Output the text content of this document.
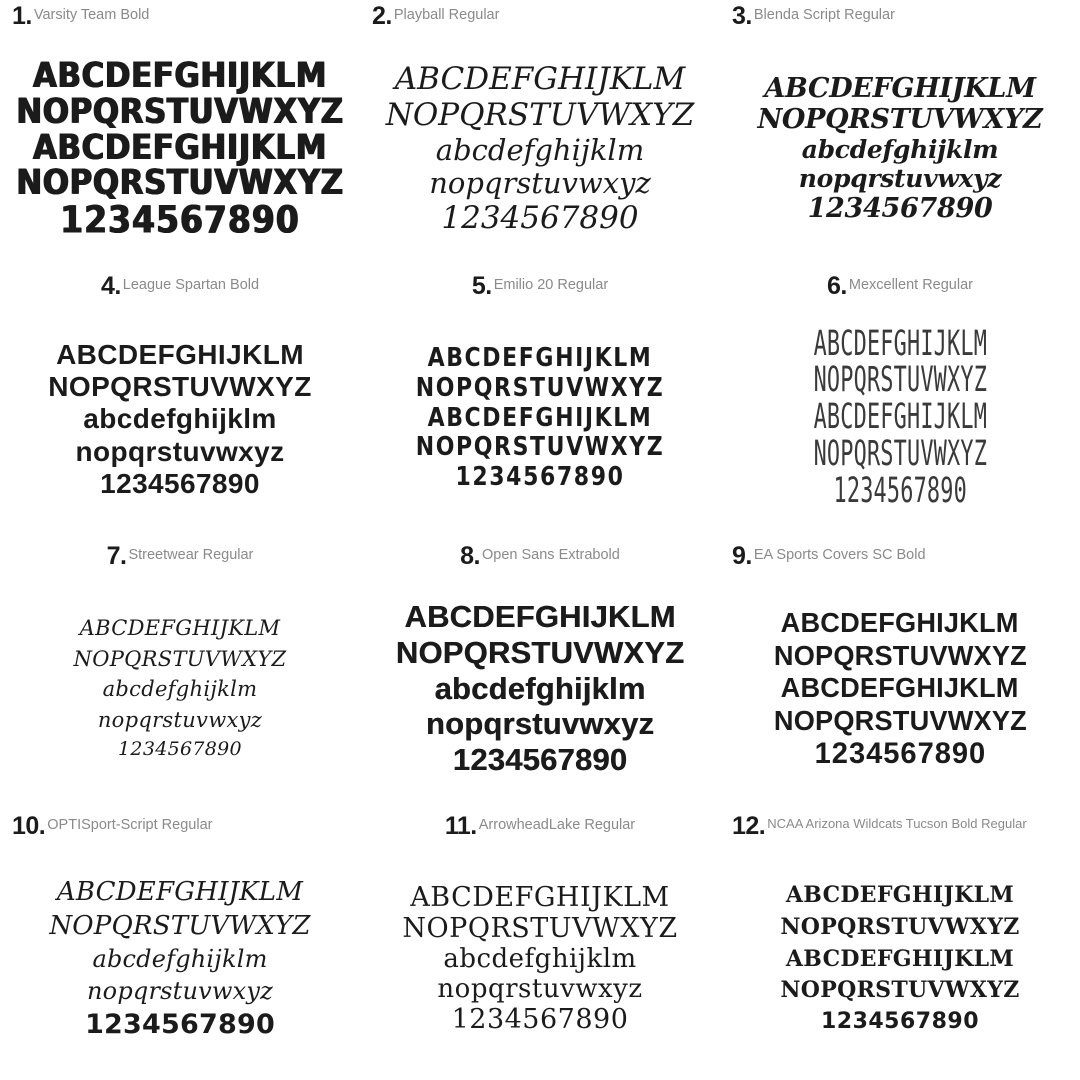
1. Varsity Team Bold
ABCDEFGHIJKLM
NOPQRSTUVWXYZ
ABCDEFGHIJKLM
NOPQRSTUVWXYZ
1234567890
2. Playball Regular
ABCDEFGHIJKLM
NOPQRSTUVWXYZ
abcdefghijklm
nopqrstuvwxyz
1234567890
3. Blenda Script Regular
ABCDEFGHIJKLM
NOPQRSTUVWXYZ
abcdefghijklm
nopqrstuvwxyz
1234567890
4. League Spartan Bold
ABCDEFGHIJKLM
NOPQRSTUVWXYZ
abcdefghijklm
nopqrstuvwxyz
1234567890
5. Emilio 20 Regular
ABCDEFGHIJKLM
NOPQRSTUVWXYZ
ABCDEFGHIJKLM
NOPQRSTUVWXYZ
1234567890
6. Mexcellent Regular
ABCDEFGHIJKLM
NOPQRSTUVWXYZ
ABCDEFGHIJKLM
NOPQRSTUVWXYZ
1234567890
7. Streetwear Regular
ABCDEFGHIJKLM
NOPQRSTUVWXYZ
abcdefghijklm
nopqrstuvwxyz
1234567890
8. Open Sans Extrabold
ABCDEFGHIJKLM
NOPQRSTUVWXYZ
abcdefghijklm
nopqrstuvwxyz
1234567890
9. EA Sports Covers SC Bold
ABCDEFGHIJKLM
NOPQRSTUVWXYZ
ABCDEFGHIJKLM
NOPQRSTUVWXYZ
1234567890
10. OPTISport-Script Regular
ABCDEFGHIJKLM
NOPQRSTUVWXYZ
abcdefghijklm
nopqrstuvwxyz
1234567890
11. ArrowheadLake Regular
ABCDEFGHIJKLM
NOPQRSTUVWXYZ
abcdefghijklm
nopqrstuvwxyz
1234567890
12. NCAA Arizona Wildcats Tucson Bold Regular
ABCDEFGHIJKLM
NOPQRSTUVWXYZ
ABCDEFGHIJKLM
NOPQRSTUVWXYZ
1234567890
